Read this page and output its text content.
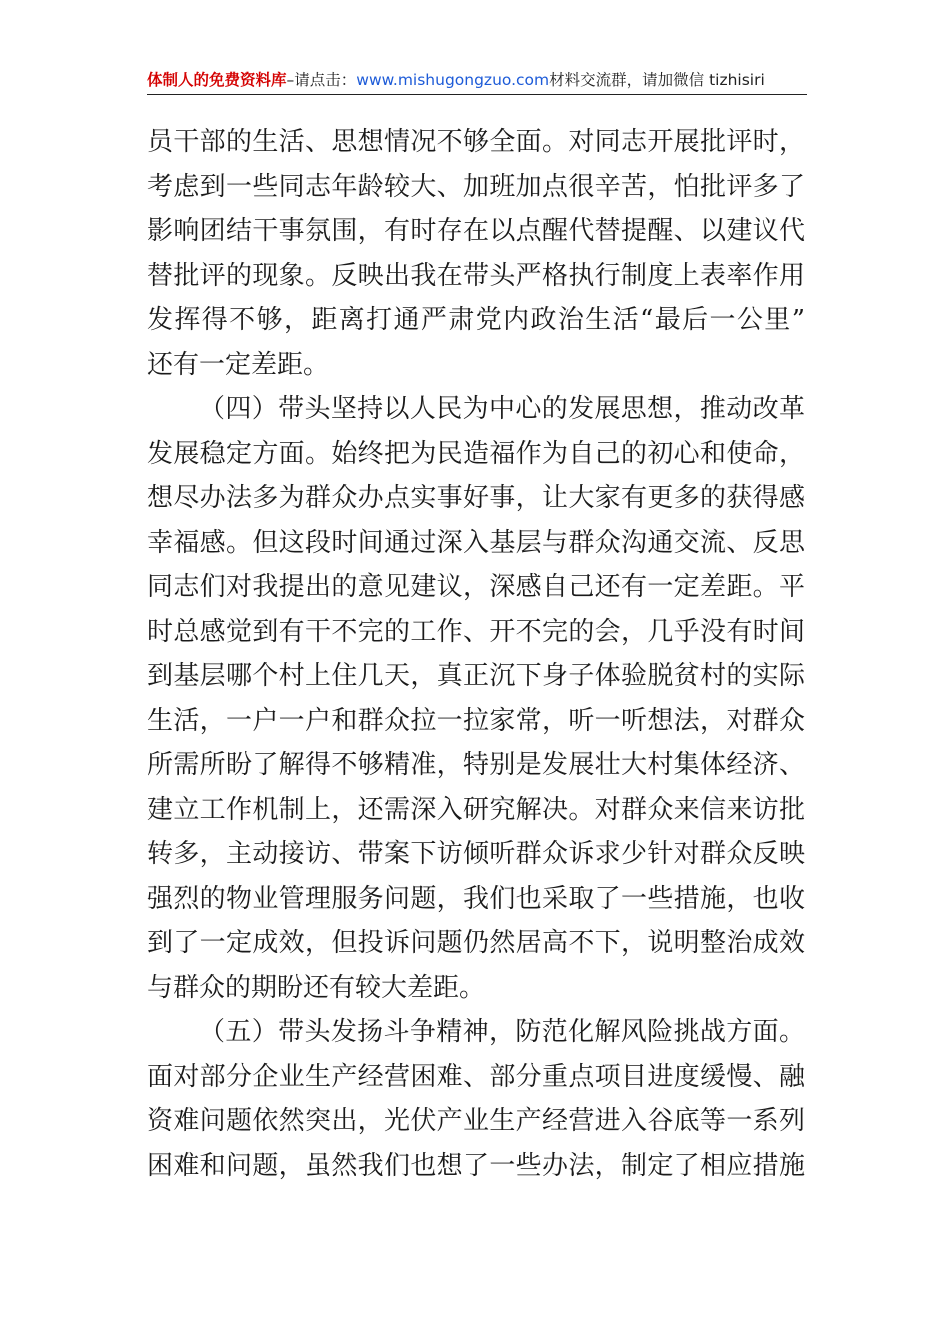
体制人的免费资料库–请点击：www.mishugongzuo.com材料交流群，请加微信 tizhisiri
员干部的生活、思想情况不够全面。对同志开展批评时，
考虑到一些同志年龄较大、加班加点很辛苦，怕批评多了
影响团结干事氛围，有时存在以点醒代替提醒、以建议代
替批评的现象。反映出我在带头严格执行制度上表率作用
发挥得不够，距离打通严肃党内政治生活“最后一公里”
还有一定差距。
（四）带头坚持以人民为中心的发展思想，推动改革
发展稳定方面。始终把为民造福作为自己的初心和使命，
想尽办法多为群众办点实事好事，让大家有更多的获得感
幸福感。但这段时间通过深入基层与群众沟通交流、反思
同志们对我提出的意见建议，深感自己还有一定差距。平
时总感觉到有干不完的工作、开不完的会，几乎没有时间
到基层哪个村上住几天，真正沉下身子体验脱贫村的实际
生活，一户一户和群众拉一拉家常，听一听想法，对群众
所需所盼了解得不够精准，特别是发展壮大村集体经济、
建立工作机制上，还需深入研究解决。对群众来信来访批
转多，主动接访、带案下访倾听群众诉求少针对群众反映
强烈的物业管理服务问题，我们也采取了一些措施，也收
到了一定成效，但投诉问题仍然居高不下，说明整治成效
与群众的期盼还有较大差距。
（五）带头发扬斗争精神，防范化解风险挑战方面。
面对部分企业生产经营困难、部分重点项目进度缓慢、融
资难问题依然突出，光伏产业生产经营进入谷底等一系列
困难和问题，虽然我们也想了一些办法，制定了相应措施
